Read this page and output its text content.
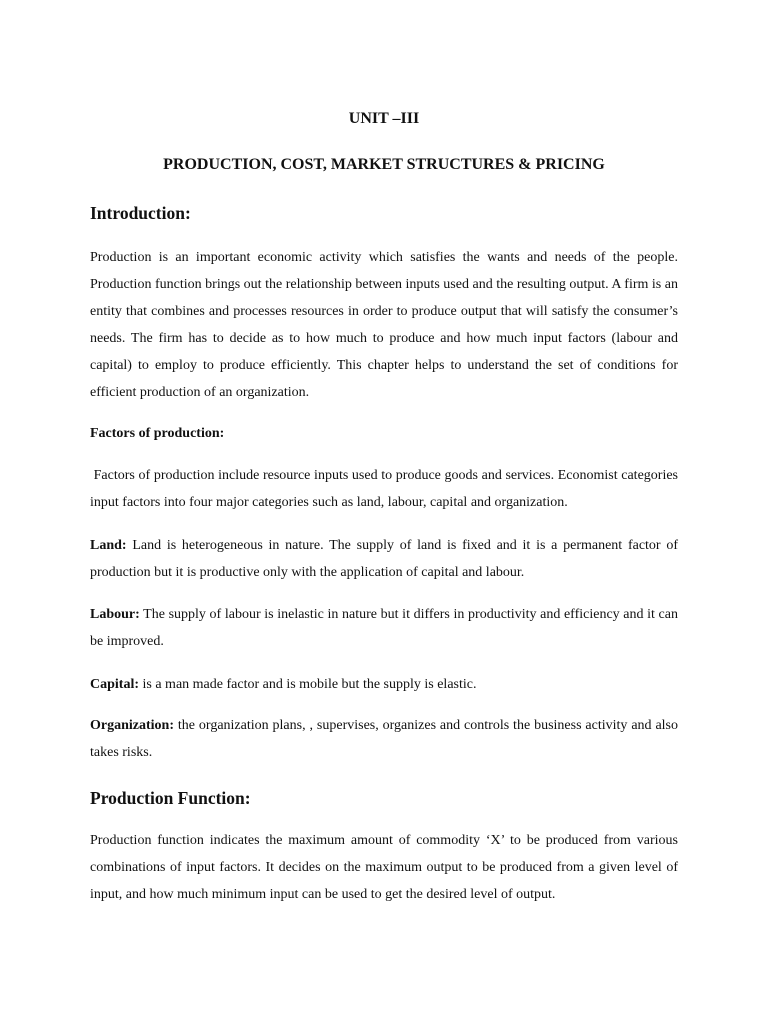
UNIT –III
PRODUCTION, COST, MARKET STRUCTURES & PRICING
Introduction:

Production is an important economic activity which satisfies the wants and needs of the people. Production function brings out the relationship between inputs used and the resulting output. A firm is an entity that combines and processes resources in order to produce output that will satisfy the consumer’s needs. The firm has to decide as to how much to produce and how much input factors (labour and capital) to employ to produce efficiently. This chapter helps to understand the set of conditions for efficient production of an organization.

Factors of production:

Factors of production include resource inputs used to produce goods and services. Economist categories input factors into four major categories such as land, labour, capital and organization.

Land: Land is heterogeneous in nature. The supply of land is fixed and it is a permanent factor of production but it is productive only with the application of capital and labour.

Labour: The supply of labour is inelastic in nature but it differs in productivity and efficiency and it can be improved.

Capital: is a man made factor and is mobile but the supply is elastic.

Organization: the organization plans, , supervises, organizes and controls the business activity and also takes risks.

Production Function:

Production function indicates the maximum amount of commodity ‘X’ to be produced from various combinations of input factors. It decides on the maximum output to be produced from a given level of input, and how much minimum input can be used to get the desired level of output.
